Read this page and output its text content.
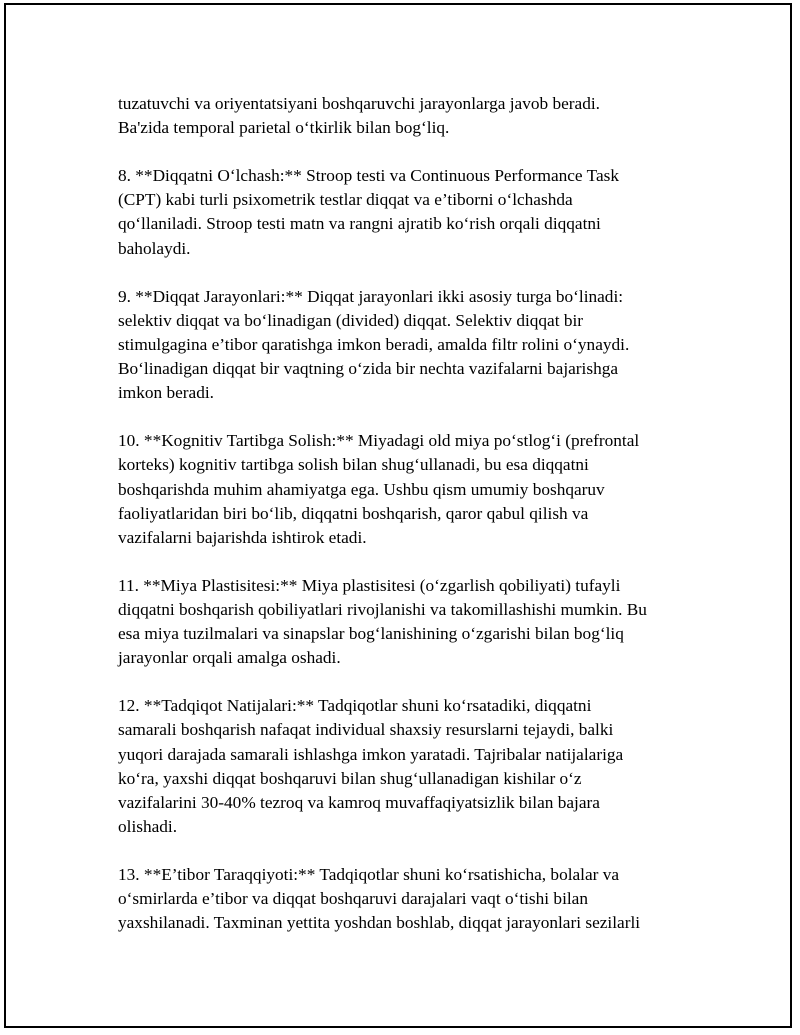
tuzatuvchi va oriyentatsiyani boshqaruvchi jarayonlarga javob beradi.
Ba'zida temporal parietal o‘tkirlik bilan bog‘liq.

8. **Diqqatni O‘lchash:** Stroop testi va Continuous Performance Task
(CPT) kabi turli psixometrik testlar diqqat va e’tiborni o‘lchashda
qo‘llaniladi. Stroop testi matn va rangni ajratib ko‘rish orqali diqqatni
baholaydi.

9. **Diqqat Jarayonlari:** Diqqat jarayonlari ikki asosiy turga bo‘linadi:
selektiv diqqat va bo‘linadigan (divided) diqqat. Selektiv diqqat bir
stimulgagina e’tibor qaratishga imkon beradi, amalda filtr rolini o‘ynaydi.
Bo‘linadigan diqqat bir vaqtning o‘zida bir nechta vazifalarni bajarishga
imkon beradi.

10. **Kognitiv Tartibga Solish:** Miyadagi old miya po‘stlog‘i (prefrontal
korteks) kognitiv tartibga solish bilan shug‘ullanadi, bu esa diqqatni
boshqarishda muhim ahamiyatga ega. Ushbu qism umumiy boshqaruv
faoliyatlaridan biri bo‘lib, diqqatni boshqarish, qaror qabul qilish va
vazifalarni bajarishda ishtirok etadi.

11. **Miya Plastisitesi:** Miya plastisitesi (o‘zgarlish qobiliyati) tufayli
diqqatni boshqarish qobiliyatlari rivojlanishi va takomillashishi mumkin. Bu
esa miya tuzilmalari va sinapslar bog‘lanishining o‘zgarishi bilan bog‘liq
jarayonlar orqali amalga oshadi.

12. **Tadqiqot Natijalari:** Tadqiqotlar shuni ko‘rsatadiki, diqqatni
samarali boshqarish nafaqat individual shaxsiy resurslarni tejaydi, balki
yuqori darajada samarali ishlashga imkon yaratadi. Tajribalar natijalariga
ko‘ra, yaxshi diqqat boshqaruvi bilan shug‘ullanadigan kishilar o‘z
vazifalarini 30-40% tezroq va kamroq muvaffaqiyatsizlik bilan bajara
olishadi.

13. **E’tibor Taraqqiyoti:** Tadqiqotlar shuni ko‘rsatishicha, bolalar va
o‘smirlarda e’tibor va diqqat boshqaruvi darajalari vaqt o‘tishi bilan
yaxshilanadi. Taxminan yettita yoshdan boshlab, diqqat jarayonlari sezilarli
